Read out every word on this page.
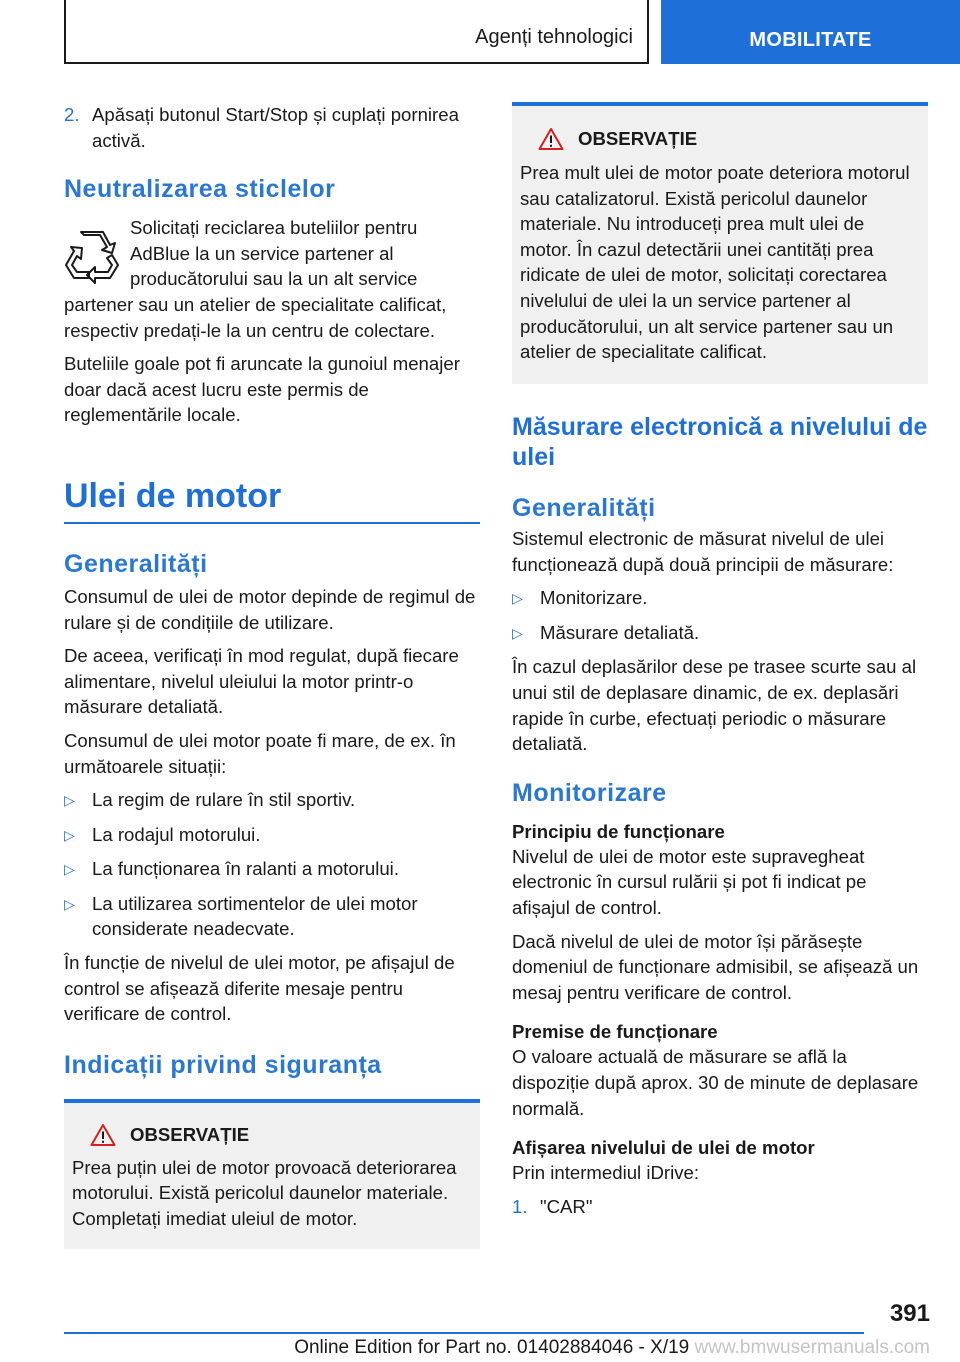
Agenți tehnologici	MOBILITATE
2. Apăsați butonul Start/Stop și cuplați pornirea activă.
Neutralizarea sticlelor

Solicitați reciclarea buteliilor pentru AdBlue la un service partener al producătorului sau la un alt service partener sau un atelier de specialitate calificat, respectiv predați-le la un centru de colectare.

Buteliile goale pot fi aruncate la gunoiul menajer doar dacă acest lucru este permis de reglementările locale.

Ulei de motor
Generalități

Consumul de ulei de motor depinde de regimul de rulare și de condițiile de utilizare.

De aceea, verificați în mod regulat, după fiecare alimentare, nivelul uleiului la motor printr-o măsurare detaliată.

Consumul de ulei motor poate fi mare, de ex. în următoarele situații:

▷ La regim de rulare în stil sportiv.
▷ La rodajul motorului.
▷ La funcționarea în ralanti a motorului.
▷ La utilizarea sortimentelor de ulei motor considerate neadecvate.

În funcție de nivelul de ulei motor, pe afișajul de control se afișează diferite mesaje pentru verificare de control.

Indicații privind siguranța
OBSERVAȚIE

Prea puțin ulei de motor provoacă deteriorarea motorului. Există pericolul daunelor materiale. Completați imediat uleiul de motor.

OBSERVAȚIE

Prea mult ulei de motor poate deteriora motorul sau catalizatorul. Există pericolul daunelor materiale. Nu introduceți prea mult ulei de motor. În cazul detectării unei cantități prea ridicate de ulei de motor, solicitați corectarea nivelului de ulei la un service partener al producătorului, un alt service partener sau un atelier de specialitate calificat.

Măsurare electronică a nivelului de ulei
Generalități

Sistemul electronic de măsurat nivelul de ulei funcționează după două principii de măsurare:

▷ Monitorizare.
▷ Măsurare detaliată.

În cazul deplasărilor dese pe trasee scurte sau al unui stil de deplasare dinamic, de ex. deplasări rapide în curbe, efectuați periodic o măsurare detaliată.

Monitorizare
Principiu de funcționare

Nivelul de ulei de motor este supravegheat electronic în cursul rulării și pot fi indicat pe afișajul de control.

Dacă nivelul de ulei de motor își părăsește domeniul de funcționare admisibil, se afișează un mesaj pentru verificare de control.

Premise de funcționare

O valoare actuală de măsurare se află la dispoziție după aprox. 30 de minute de deplasare normală.

Afișarea nivelului de ulei de motor

Prin intermediul iDrive:

1. "CAR"
391
Online Edition for Part no. 01402884046 - X/19 www.bmwusermanuals.com
